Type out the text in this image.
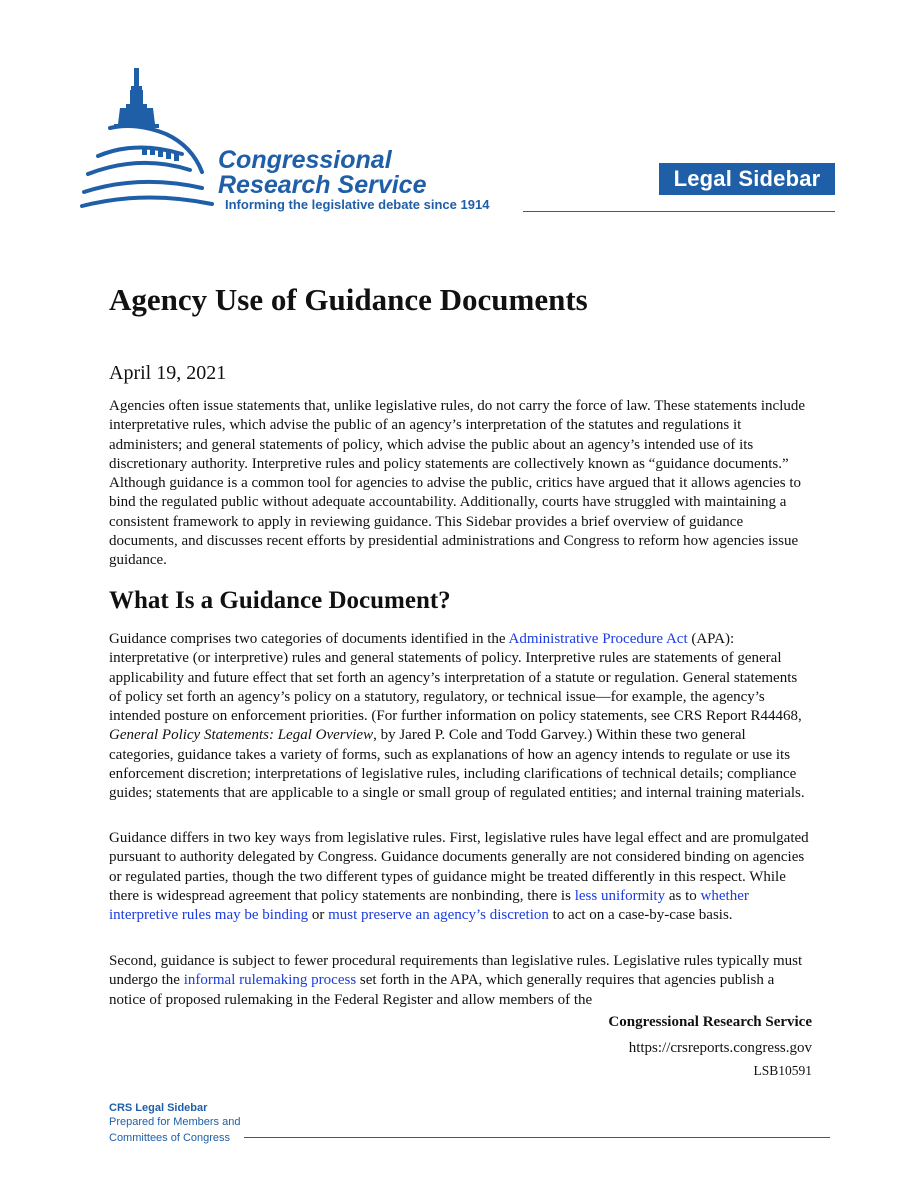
Congressional
Research Service
Informing the legislative debate since 1914
Legal Sidebar
Agency Use of Guidance Documents
April 19, 2021

Agencies often issue statements that, unlike legislative rules, do not carry the force of law. These statements include interpretative rules, which advise the public of an agency’s interpretation of the statutes and regulations it administers; and general statements of policy, which advise the public about an agency’s intended use of its discretionary authority. Interpretive rules and policy statements are collectively known as “guidance documents.” Although guidance is a common tool for agencies to advise the public, critics have argued that it allows agencies to bind the regulated public without adequate accountability. Additionally, courts have struggled with maintaining a consistent framework to apply in reviewing guidance. This Sidebar provides a brief overview of guidance documents, and discusses recent efforts by presidential administrations and Congress to reform how agencies issue guidance.

What Is a Guidance Document?

Guidance comprises two categories of documents identified in the Administrative Procedure Act (APA): interpretative (or interpretive) rules and general statements of policy. Interpretive rules are statements of general applicability and future effect that set forth an agency’s interpretation of a statute or regulation. General statements of policy set forth an agency’s policy on a statutory, regulatory, or technical issue—for example, the agency’s intended posture on enforcement priorities. (For further information on policy statements, see CRS Report R44468, General Policy Statements: Legal Overview, by Jared P. Cole and Todd Garvey.) Within these two general categories, guidance takes a variety of forms, such as explanations of how an agency intends to regulate or use its enforcement discretion; interpretations of legislative rules, including clarifications of technical details; compliance guides; statements that are applicable to a single or small group of regulated entities; and internal training materials.

Guidance differs in two key ways from legislative rules. First, legislative rules have legal effect and are promulgated pursuant to authority delegated by Congress. Guidance documents generally are not considered binding on agencies or regulated parties, though the two different types of guidance might be treated differently in this respect. While there is widespread agreement that policy statements are nonbinding, there is less uniformity as to whether interpretive rules may be binding or must preserve an agency’s discretion to act on a case-by-case basis.

Second, guidance is subject to fewer procedural requirements than legislative rules. Legislative rules typically must undergo the informal rulemaking process set forth in the APA, which generally requires that agencies publish a notice of proposed rulemaking in the Federal Register and allow members of the

Congressional Research Service
https://crsreports.congress.gov
LSB10591
CRS Legal Sidebar
Prepared for Members and
Committees of Congress
